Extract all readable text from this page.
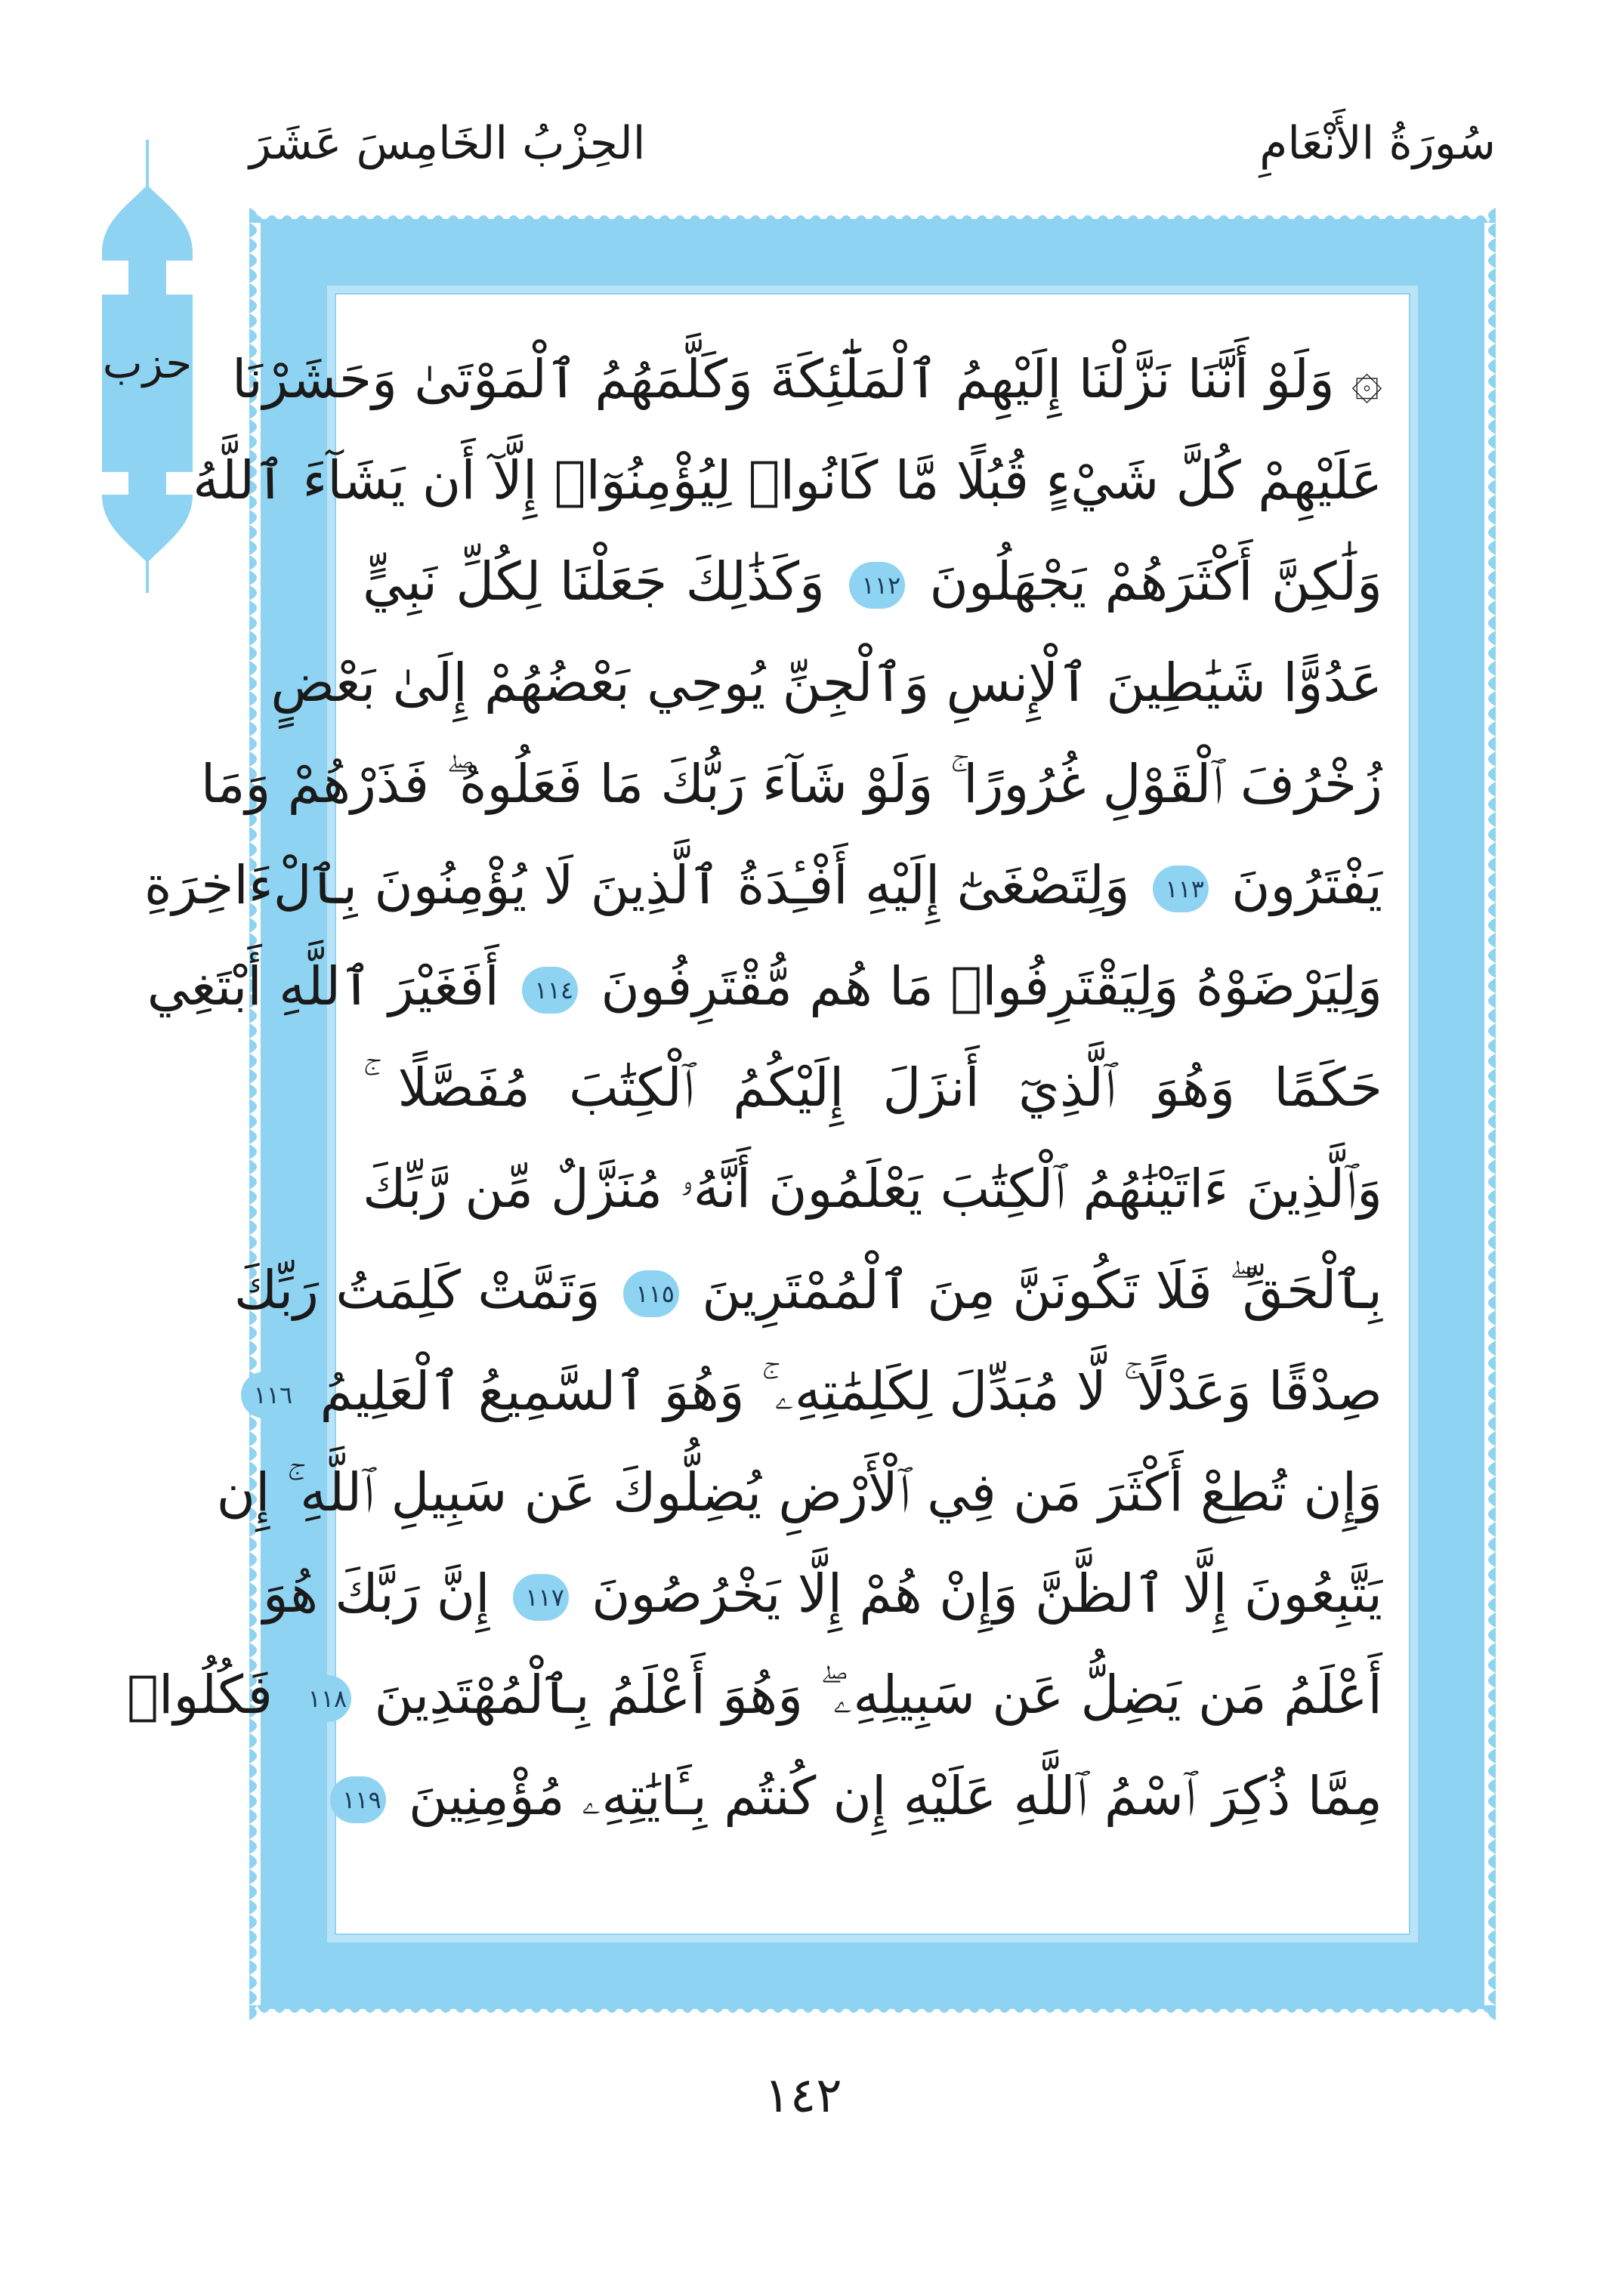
سُورَةُ الأَنْعَامِ
الحِزْبُ الخَامِسَ عَشَرَ
حزب ۞ وَلَوْ أَنَّنَا نَزَّلْنَا إِلَيْهِمُ ٱلْمَلَٰٓئِكَةَ وَكَلَّمَهُمُ ٱلْمَوْتَىٰ وَحَشَرْنَا
عَلَيْهِمْ كُلَّ شَيْءٍ قُبُلًا مَّا كَانُوا۟ لِيُؤْمِنُوٓا۟ إِلَّآ أَن يَشَآءَ ٱللَّهُ
وَلَٰكِنَّ أَكْثَرَهُمْ يَجْهَلُونَ ١١٢ وَكَذَٰلِكَ جَعَلْنَا لِكُلِّ نَبِيٍّ
عَدُوًّا شَيَٰطِينَ ٱلْإِنسِ وَٱلْجِنِّ يُوحِي بَعْضُهُمْ إِلَىٰ بَعْضٍ
زُخْرُفَ ٱلْقَوْلِ غُرُورًا ۚ وَلَوْ شَآءَ رَبُّكَ مَا فَعَلُوهُ ۖ فَذَرْهُمْ وَمَا
يَفْتَرُونَ ١١٣ وَلِتَصْغَىٰٓ إِلَيْهِ أَفْـِٔدَةُ ٱلَّذِينَ لَا يُؤْمِنُونَ بِٱلْءَاخِرَةِ
وَلِيَرْضَوْهُ وَلِيَقْتَرِفُوا۟ مَا هُم مُّقْتَرِفُونَ ١١٤ أَفَغَيْرَ ٱللَّهِ أَبْتَغِي
حَكَمًا وَهُوَ ٱلَّذِيٓ أَنزَلَ إِلَيْكُمُ ٱلْكِتَٰبَ مُفَصَّلًا ۚ
وَٱلَّذِينَ ءَاتَيْنَٰهُمُ ٱلْكِتَٰبَ يَعْلَمُونَ أَنَّهُۥ مُنَزَّلٌ مِّن رَّبِّكَ
بِٱلْحَقِّ ۖ فَلَا تَكُونَنَّ مِنَ ٱلْمُمْتَرِينَ ١١٥ وَتَمَّتْ كَلِمَتُ رَبِّكَ
صِدْقًا وَعَدْلًا ۚ لَّا مُبَدِّلَ لِكَلِمَٰتِهِۦ ۚ وَهُوَ ٱلسَّمِيعُ ٱلْعَلِيمُ ١١٦
وَإِن تُطِعْ أَكْثَرَ مَن فِي ٱلْأَرْضِ يُضِلُّوكَ عَن سَبِيلِ ٱللَّهِ ۚ إِن
يَتَّبِعُونَ إِلَّا ٱلظَّنَّ وَإِنْ هُمْ إِلَّا يَخْرُصُونَ ١١٧ إِنَّ رَبَّكَ هُوَ
أَعْلَمُ مَن يَضِلُّ عَن سَبِيلِهِۦ ۖ وَهُوَ أَعْلَمُ بِٱلْمُهْتَدِينَ ١١٨ فَكُلُوا۟
مِمَّا ذُكِرَ ٱسْمُ ٱللَّهِ عَلَيْهِ إِن كُنتُم بِـَٔايَٰتِهِۦ مُؤْمِنِينَ ١١٩
١٤٢
